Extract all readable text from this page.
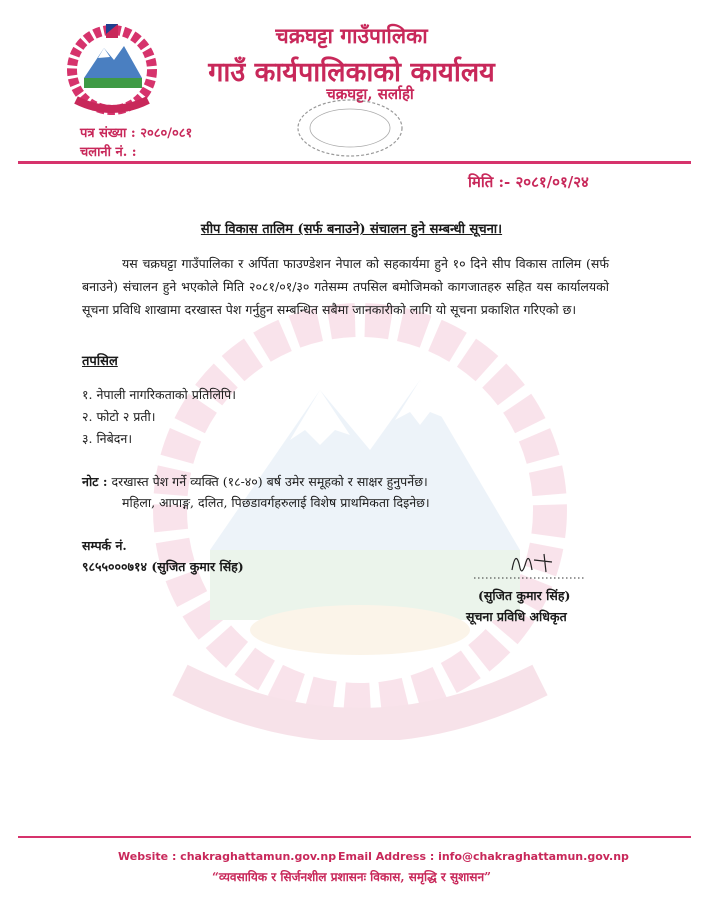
चक्रघट्टा गाउँपालिका
गाउँ कार्यपालिकाको कार्यालय
चक्रघट्टा, सर्लाही
पत्र संख्या : २०८०/०८१
चलानी नं. :
मिति :- २०८१/०१/२४
सीप विकास तालिम (सर्फ बनाउने) संचालन हुने सम्बन्धी सूचना।
यस चक्रघट्टा गाउँपालिका र अर्पिता फाउण्डेशन नेपाल को सहकार्यमा हुने १० दिने सीप विकास तालिम (सर्फ बनाउने) संचालन हुने भएकोले मिति २०८१/०१/३० गतेसम्म तपसिल बमोजिमको कागजातहरु सहित यस कार्यालयको सूचना प्रविधि शाखामा दरखास्त पेश गर्नुहुन सम्बन्धित सबैमा जानकारीको लागि यो सूचना प्रकाशित गरिएको छ।
तपसिल
१. नेपाली नागरिकताको प्रतिलिपि।
२. फोटो २ प्रती।
३. निबेदन।
नोट : दरखास्त पेश गर्ने व्यक्ति (१८-४०) बर्ष उमेर समूहको र साक्षर हुनुपर्नेछ।
महिला, आपाङ्ग, दलित, पिछडावर्गहरुलाई विशेष प्राथमिकता दिइनेछ।
सम्पर्क नं.
९८५५०००७१४ (सुजित कुमार सिंह)
(सुजित कुमार सिंह)
सूचना प्रविधि अधिकृत
Website : chakraghattamun.gov.np Email Address : info@chakraghattamun.gov.np
“व्यवसायिक र सिर्जनशील प्रशासनः विकास, समृद्धि र सुशासन”
